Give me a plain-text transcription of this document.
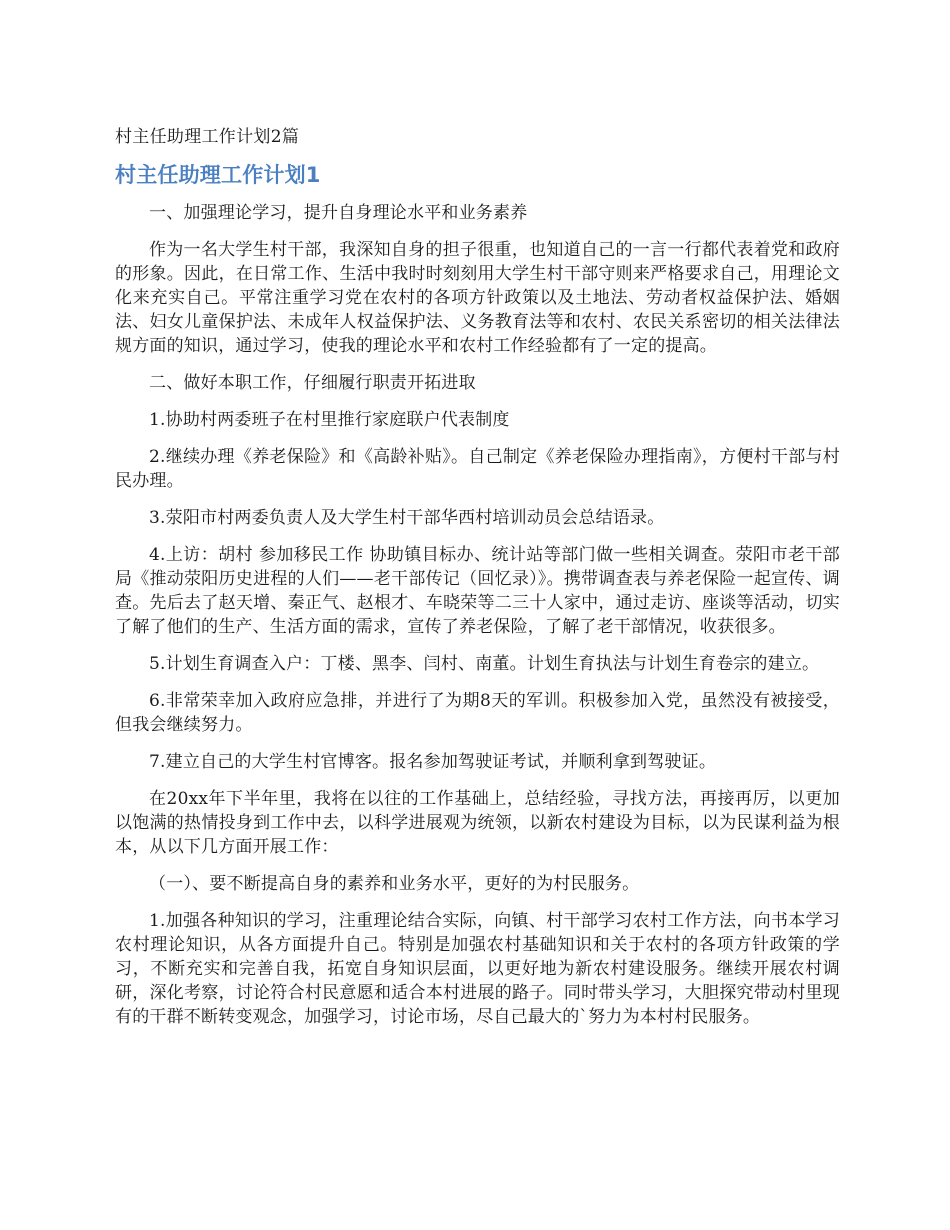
村主任助理工作计划2篇
村主任助理工作计划1

一、加强理论学习，提升自身理论水平和业务素养

作为一名大学生村干部，我深知自身的担子很重，也知道自己的一言一行都代表着党和政府的形象。因此，在日常工作、生活中我时时刻刻用大学生村干部守则来严格要求自己，用理论文化来充实自己。平常注重学习党在农村的各项方针政策以及土地法、劳动者权益保护法、婚姻法、妇女儿童保护法、未成年人权益保护法、义务教育法等和农村、农民关系密切的相关法律法规方面的知识，通过学习，使我的理论水平和农村工作经验都有了一定的提高。

二、做好本职工作，仔细履行职责开拓进取

1.协助村两委班子在村里推行家庭联户代表制度

2.继续办理《养老保险》和《高龄补贴》。自己制定《养老保险办理指南》，方便村干部与村民办理。

3.荥阳市村两委负责人及大学生村干部华西村培训动员会总结语录。

4.上访：胡村 参加移民工作 协助镇目标办、统计站等部门做一些相关调查。荥阳市老干部局《推动荥阳历史进程的人们——老干部传记（回忆录）》。携带调查表与养老保险一起宣传、调查。先后去了赵天增、秦正气、赵根才、车晓荣等二三十人家中，通过走访、座谈等活动，切实了解了他们的生产、生活方面的需求，宣传了养老保险，了解了老干部情况，收获很多。

5.计划生育调查入户：丁楼、黑李、闫村、南董。计划生育执法与计划生育卷宗的建立。

6.非常荣幸加入政府应急排，并进行了为期8天的军训。积极参加入党，虽然没有被接受，但我会继续努力。

7.建立自己的大学生村官博客。报名参加驾驶证考试，并顺利拿到驾驶证。

在20xx年下半年里，我将在以往的工作基础上，总结经验，寻找方法，再接再厉，以更加以饱满的热情投身到工作中去，以科学进展观为统领，以新农村建设为目标，以为民谋利益为根本，从以下几方面开展工作：

（一）、要不断提高自身的素养和业务水平，更好的为村民服务。

1.加强各种知识的学习，注重理论结合实际，向镇、村干部学习农村工作方法，向书本学习农村理论知识，从各方面提升自己。特别是加强农村基础知识和关于农村的各项方针政策的学习，不断充实和完善自我，拓宽自身知识层面，以更好地为新农村建设服务。继续开展农村调研，深化考察，讨论符合村民意愿和适合本村进展的路子。同时带头学习，大胆探究带动村里现有的干群不断转变观念，加强学习，讨论市场，尽自己最大的`努力为本村村民服务。
